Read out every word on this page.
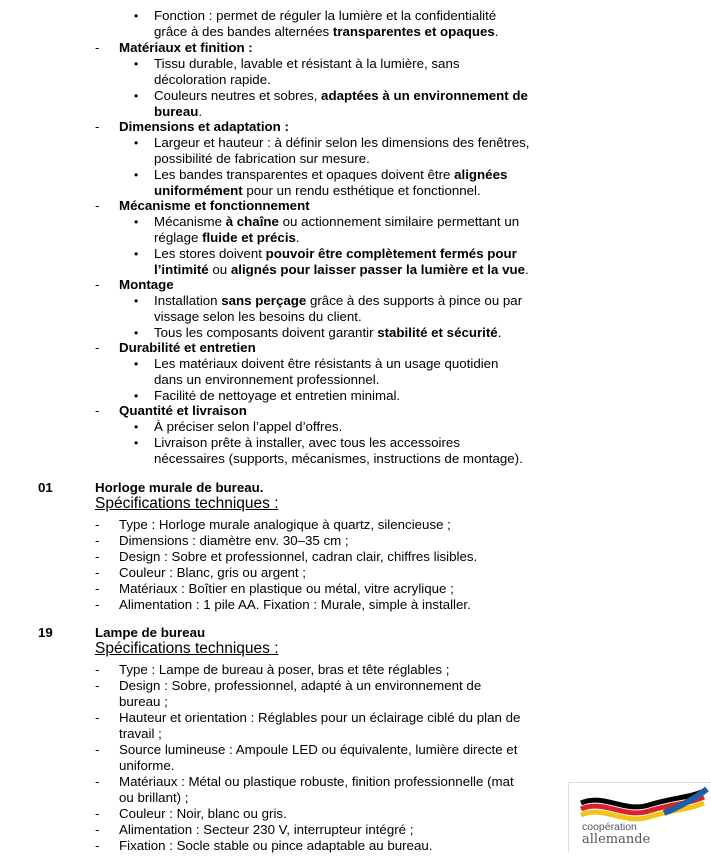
• Fonction : permet de réguler la lumière et la confidentialité
grâce à des bandes alternées transparentes et opaques.
- Matériaux et finition :
• Tissu durable, lavable et résistant à la lumière, sans
décoloration rapide.
• Couleurs neutres et sobres, adaptées à un environnement de
bureau.
- Dimensions et adaptation :
• Largeur et hauteur : à définir selon les dimensions des fenêtres,
possibilité de fabrication sur mesure.
• Les bandes transparentes et opaques doivent être alignées
uniformément pour un rendu esthétique et fonctionnel.
- Mécanisme et fonctionnement
• Mécanisme à chaîne ou actionnement similaire permettant un
réglage fluide et précis.
• Les stores doivent pouvoir être complètement fermés pour
l’intimité ou alignés pour laisser passer la lumière et la vue.
- Montage
• Installation sans perçage grâce à des supports à pince ou par
vissage selon les besoins du client.
• Tous les composants doivent garantir stabilité et sécurité.
- Durabilité et entretien
• Les matériaux doivent être résistants à un usage quotidien
dans un environnement professionnel.
• Facilité de nettoyage et entretien minimal.
- Quantité et livraison
• À préciser selon l’appel d’offres.
• Livraison prête à installer, avec tous les accessoires
nécessaires (supports, mécanismes, instructions de montage).
01	Horloge murale de bureau.
Spécifications techniques :
- Type : Horloge murale analogique à quartz, silencieuse ;
- Dimensions : diamètre env. 30–35 cm ;
- Design : Sobre et professionnel, cadran clair, chiffres lisibles.
- Couleur : Blanc, gris ou argent ;
- Matériaux : Boîtier en plastique ou métal, vitre acrylique ;
- Alimentation : 1 pile AA. Fixation : Murale, simple à installer.
19	Lampe de bureau
Spécifications techniques :
- Type : Lampe de bureau à poser, bras et tête réglables ;
- Design : Sobre, professionnel, adapté à un environnement de
bureau ;
- Hauteur et orientation : Réglables pour un éclairage ciblé du plan de
travail ;
- Source lumineuse : Ampoule LED ou équivalente, lumière directe et
uniforme.
- Matériaux : Métal ou plastique robuste, finition professionnelle (mat
ou brillant) ;
- Couleur : Noir, blanc ou gris.
- Alimentation : Secteur 230 V, interrupteur intégré ;
- Fixation : Socle stable ou pince adaptable au bureau.
coopération
allemande
